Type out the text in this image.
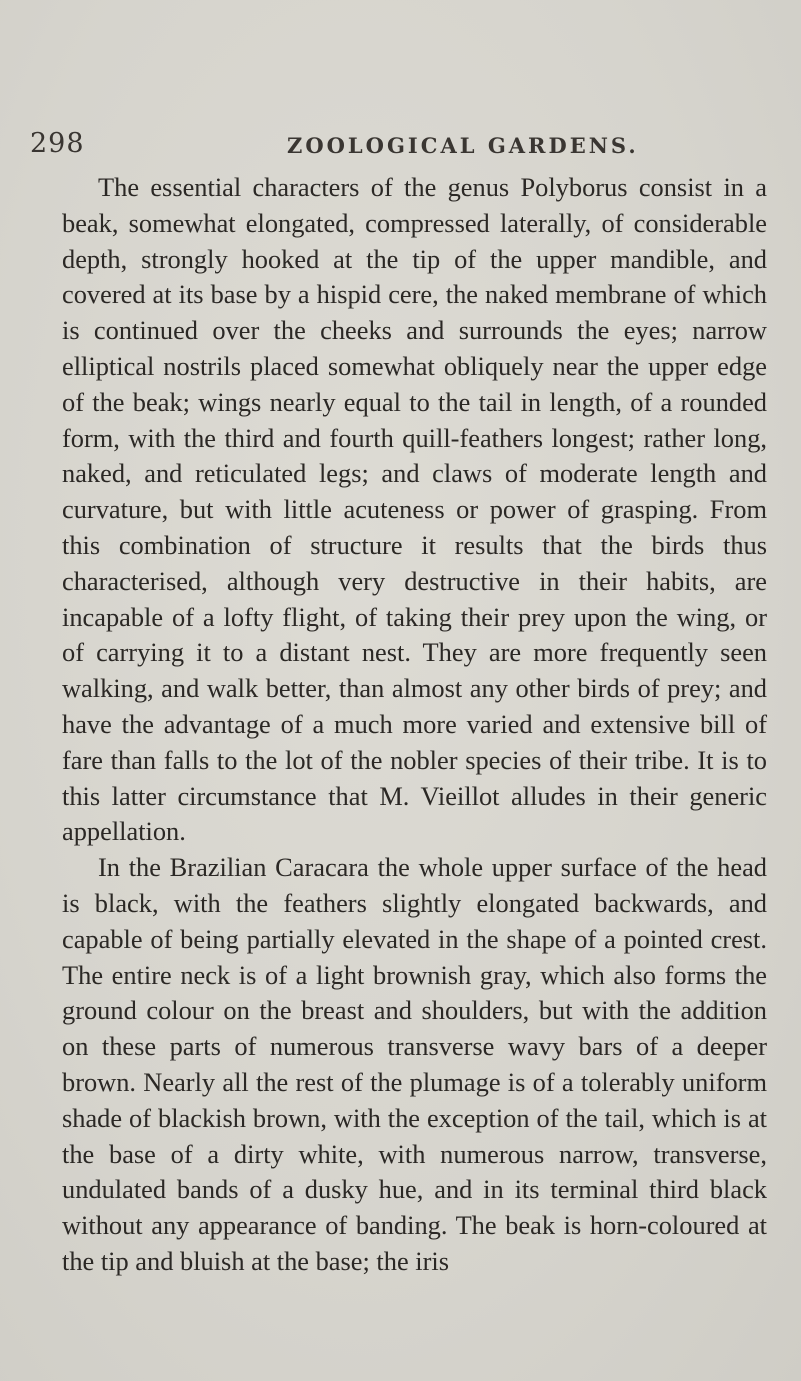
298	ZOOLOGICAL GARDENS.

The essential characters of the genus Polyborus consist in a beak, somewhat elongated, compressed laterally, of considerable depth, strongly hooked at the tip of the upper mandible, and covered at its base by a hispid cere, the naked membrane of which is continued over the cheeks and surrounds the eyes; narrow elliptical nostrils placed somewhat obliquely near the upper edge of the beak; wings nearly equal to the tail in length, of a rounded form, with the third and fourth quill-feathers longest; rather long, naked, and reticulated legs; and claws of moderate length and curvature, but with little acuteness or power of grasping. From this combination of structure it results that the birds thus characterised, although very destructive in their habits, are incapable of a lofty flight, of taking their prey upon the wing, or of carrying it to a distant nest. They are more frequently seen walking, and walk better, than almost any other birds of prey; and have the advantage of a much more varied and extensive bill of fare than falls to the lot of the nobler species of their tribe. It is to this latter circumstance that M. Vieillot alludes in their generic appellation.

In the Brazilian Caracara the whole upper surface of the head is black, with the feathers slightly elongated backwards, and capable of being partially elevated in the shape of a pointed crest. The entire neck is of a light brownish gray, which also forms the ground colour on the breast and shoulders, but with the addition on these parts of numerous transverse wavy bars of a deeper brown. Nearly all the rest of the plumage is of a tolerably uniform shade of blackish brown, with the exception of the tail, which is at the base of a dirty white, with numerous narrow, transverse, undulated bands of a dusky hue, and in its terminal third black without any appearance of banding. The beak is horn-coloured at the tip and bluish at the base; the iris
